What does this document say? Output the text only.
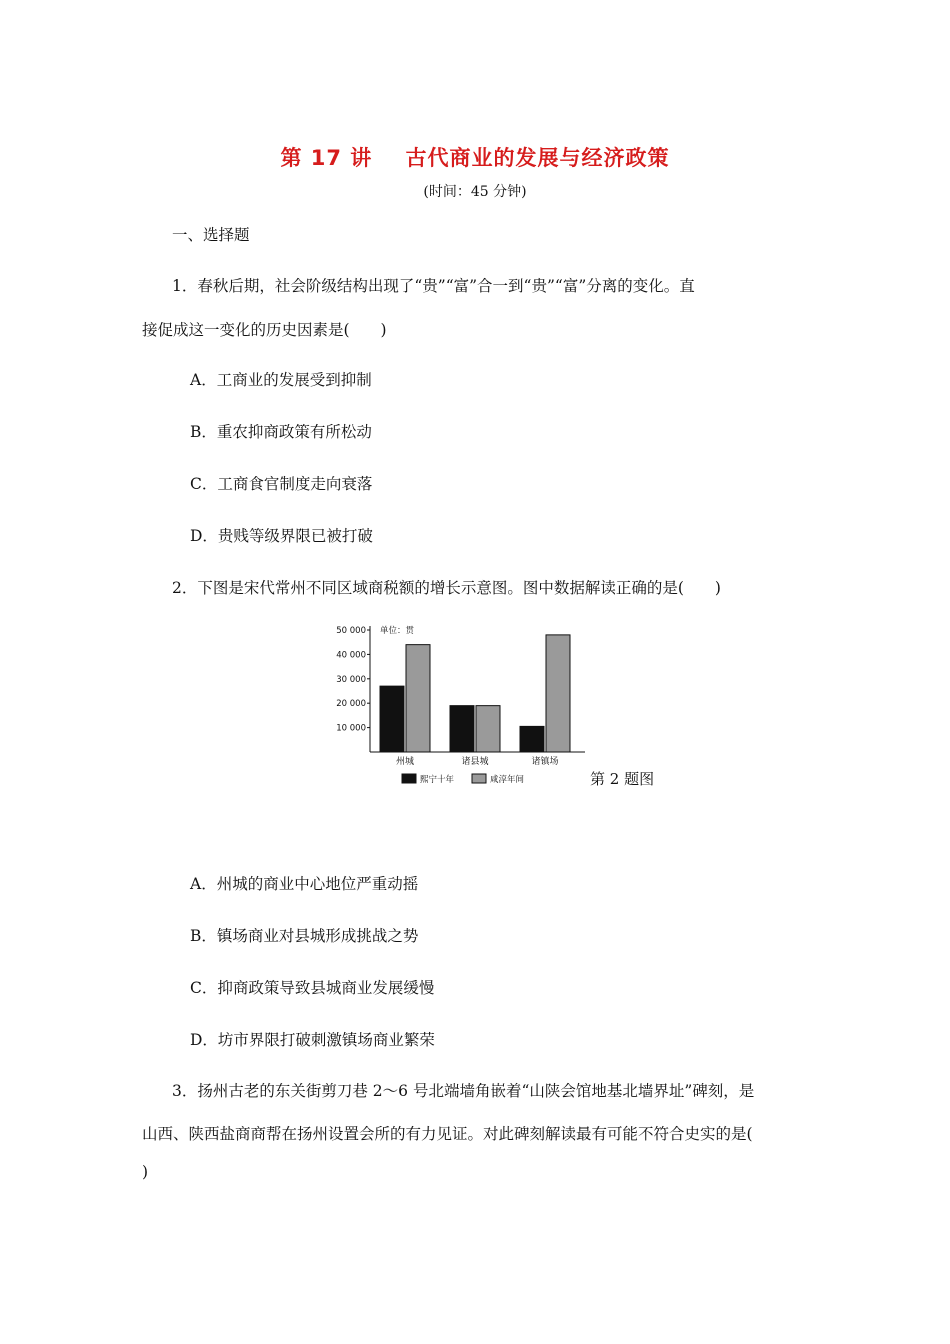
第 17 讲    古代商业的发展与经济政策
(时间：45 分钟)
一、选择题
1．春秋后期，社会阶级结构出现了“贵”“富”合一到“贵”“富”分离的变化。直
接促成这一变化的历史因素是(　　)
A．工商业的发展受到抑制
B．重农抑商政策有所松动
C．工商食官制度走向衰落
D．贵贱等级界限已被打破
2．下图是宋代常州不同区域商税额的增长示意图。图中数据解读正确的是(　　)
50 000
40 000
30 000
20 000
10 000
单位：贯
州城	诸县城	诸镇场
熙宁十年	咸淳年间	第 2 题图
A．州城的商业中心地位严重动摇
B．镇场商业对县城形成挑战之势
C．抑商政策导致县城商业发展缓慢
D．坊市界限打破刺激镇场商业繁荣
3．扬州古老的东关街剪刀巷 2～6 号北端墙角嵌着“山陕会馆地基北墙界址”碑刻，是
山西、陕西盐商商帮在扬州设置会所的有力见证。对此碑刻解读最有可能不符合史实的是(
)
